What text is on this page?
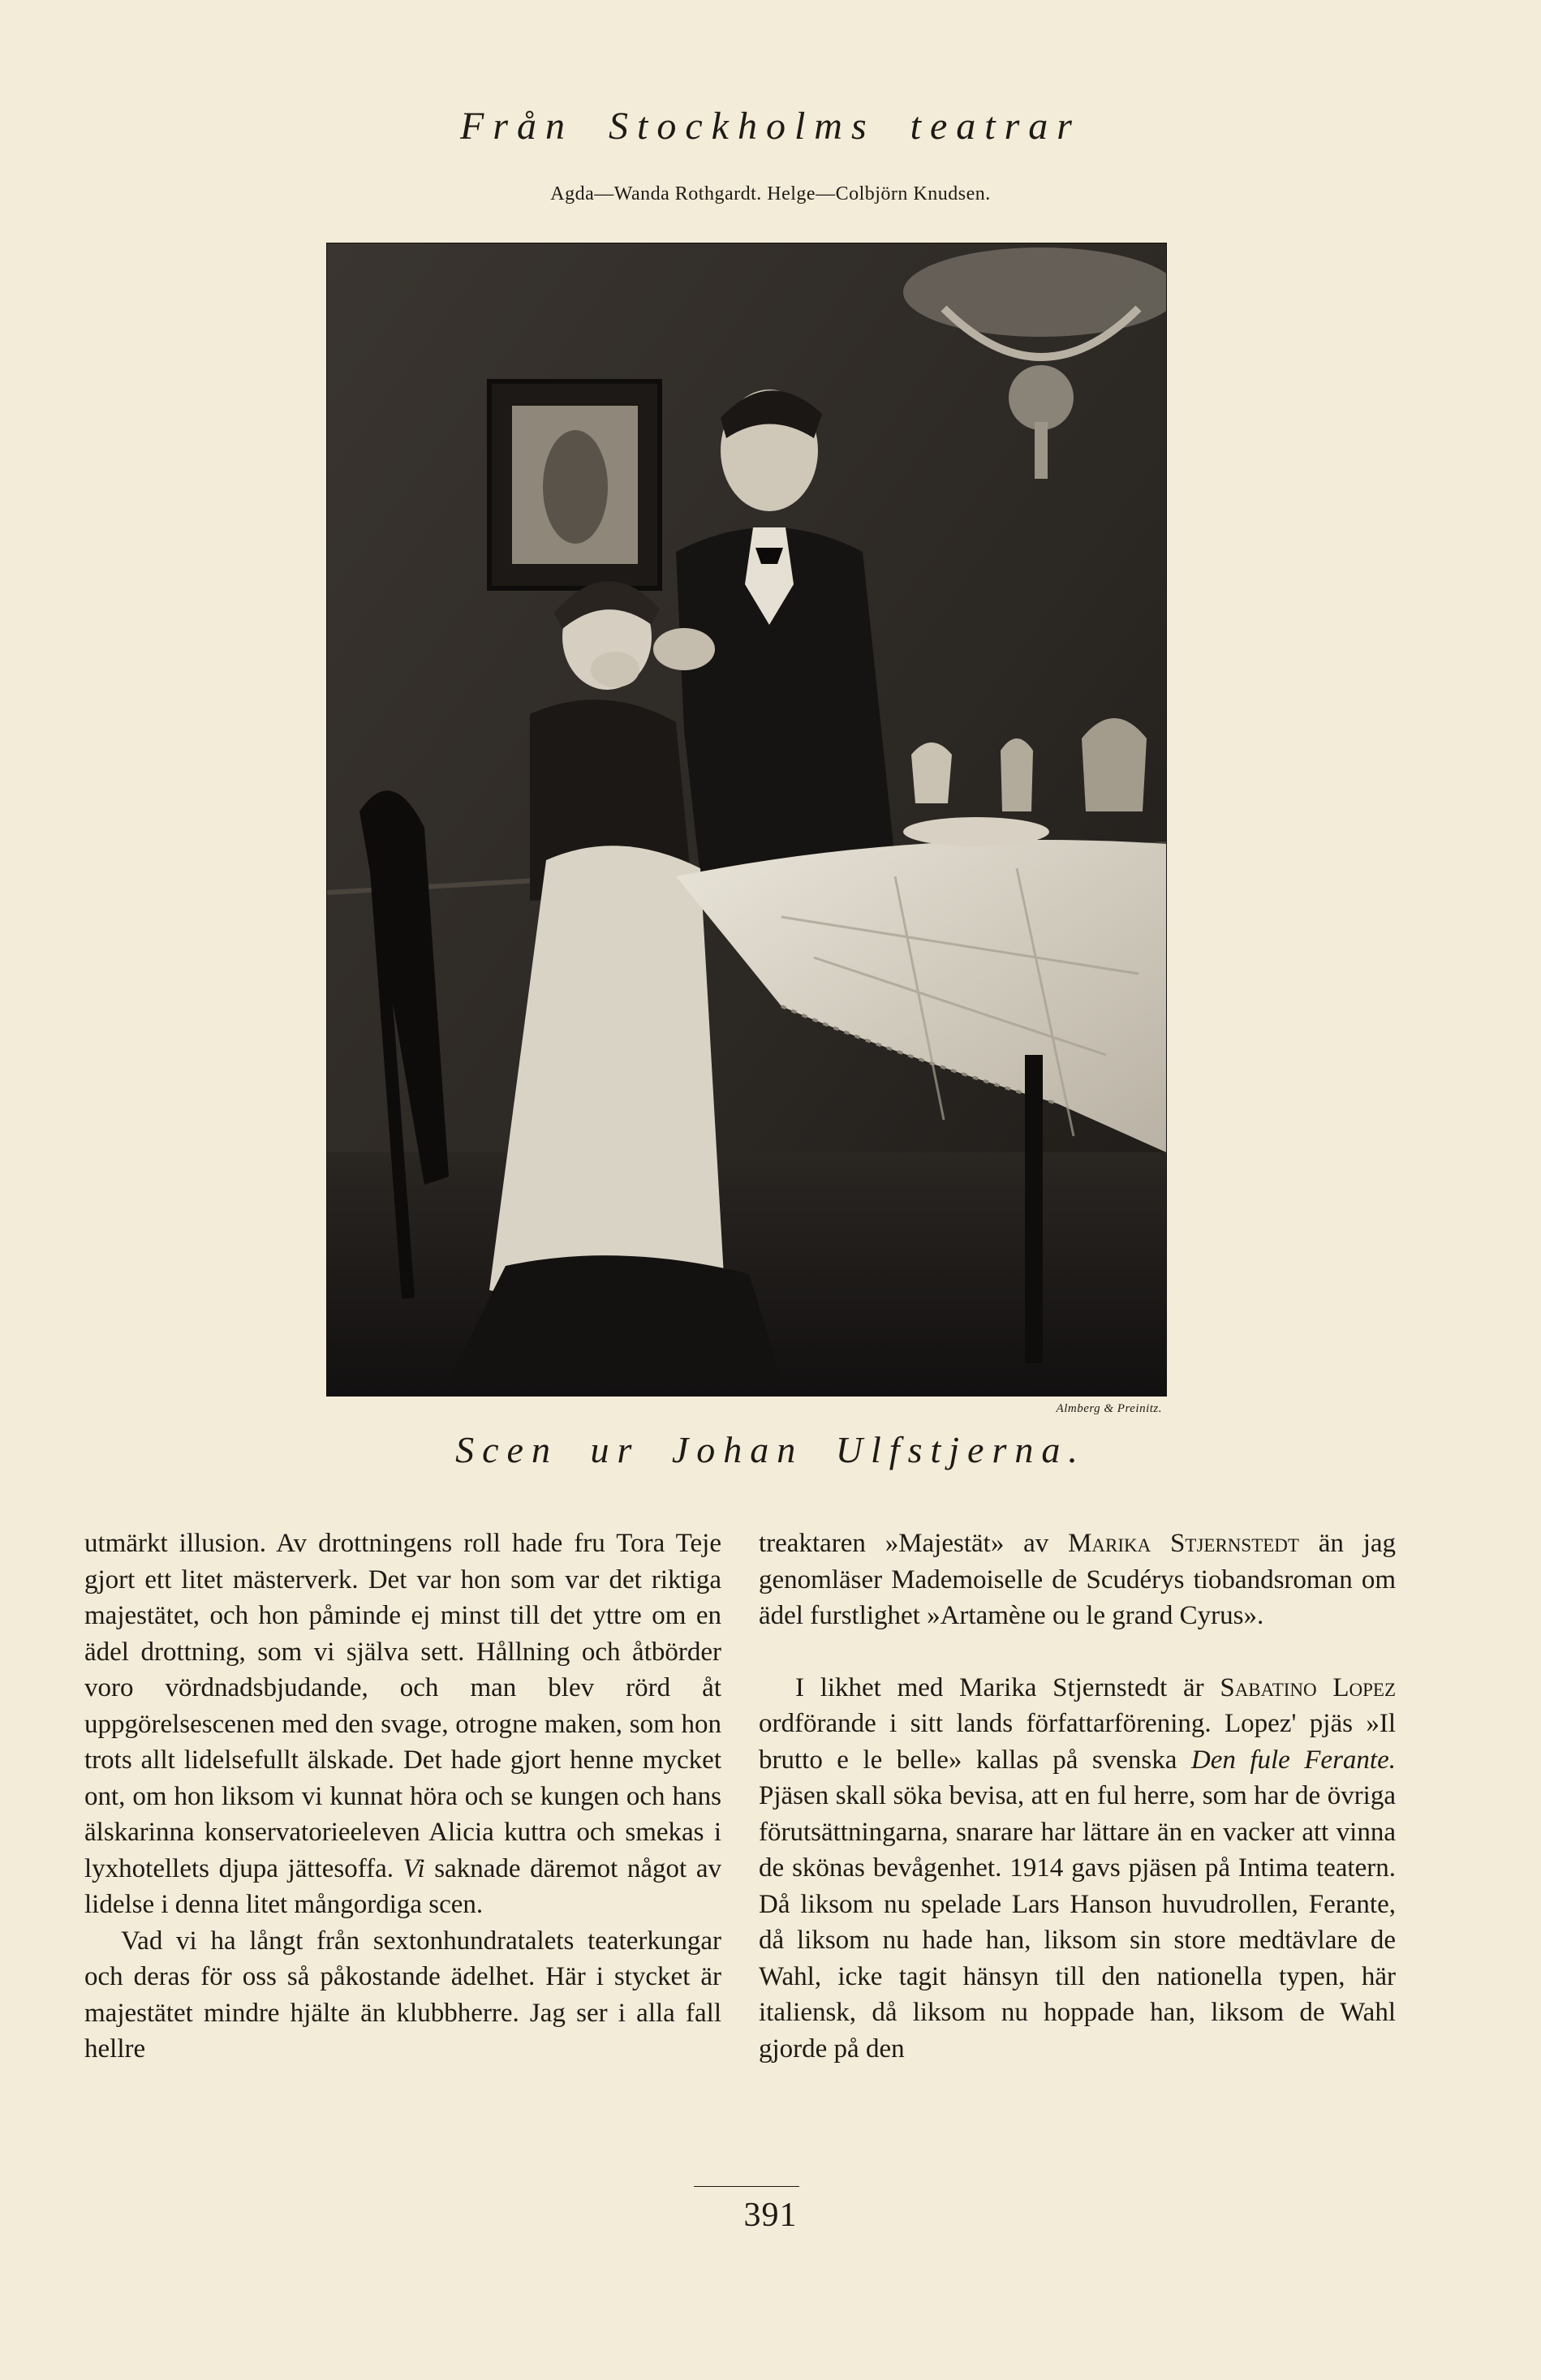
Från Stockholms teatrar
Agda—Wanda Rothgardt. Helge—Colbjörn Knudsen.
Almberg & Preinitz.
Scen ur Johan Ulfstjerna.

utmärkt illusion. Av drottningens roll hade fru Tora Teje gjort ett litet mästerverk. Det var hon som var det riktiga majestätet, och hon påminde ej minst till det yttre om en ädel drottning, som vi själva sett. Hållning och åtbörder voro vördnadsbjudande, och man blev rörd åt uppgörelsescenen med den svage, otrogne maken, som hon trots allt lidelsefullt älskade. Det hade gjort henne mycket ont, om hon liksom vi kunnat höra och se kungen och hans älskarinna konservatorieeleven Alicia kuttra och smekas i lyxhotellets djupa jättesoffa. Vi saknade däremot något av lidelse i denna litet mångordiga scen.

Vad vi ha långt från sextonhundratalets teaterkungar och deras för oss så påkostande ädelhet. Här i stycket är majestätet mindre hjälte än klubbherre. Jag ser i alla fall hellre

treaktaren »Majestät» av Marika Stjernstedt än jag genomläser Mademoiselle de Scudérys tiobandsroman om ädel furstlighet »Artamène ou le grand Cyrus».

I likhet med Marika Stjernstedt är Sabatino Lopez ordförande i sitt lands författarförening. Lopez' pjäs »Il brutto e le belle» kallas på svenska Den fule Ferante. Pjäsen skall söka bevisa, att en ful herre, som har de övriga förutsättningarna, snarare har lättare än en vacker att vinna de skönas bevågenhet. 1914 gavs pjäsen på Intima teatern. Då liksom nu spelade Lars Hanson huvudrollen, Ferante, då liksom nu hade han, liksom sin store medtävlare de Wahl, icke tagit hänsyn till den nationella typen, här italiensk, då liksom nu hoppade han, liksom de Wahl gjorde på den

391
